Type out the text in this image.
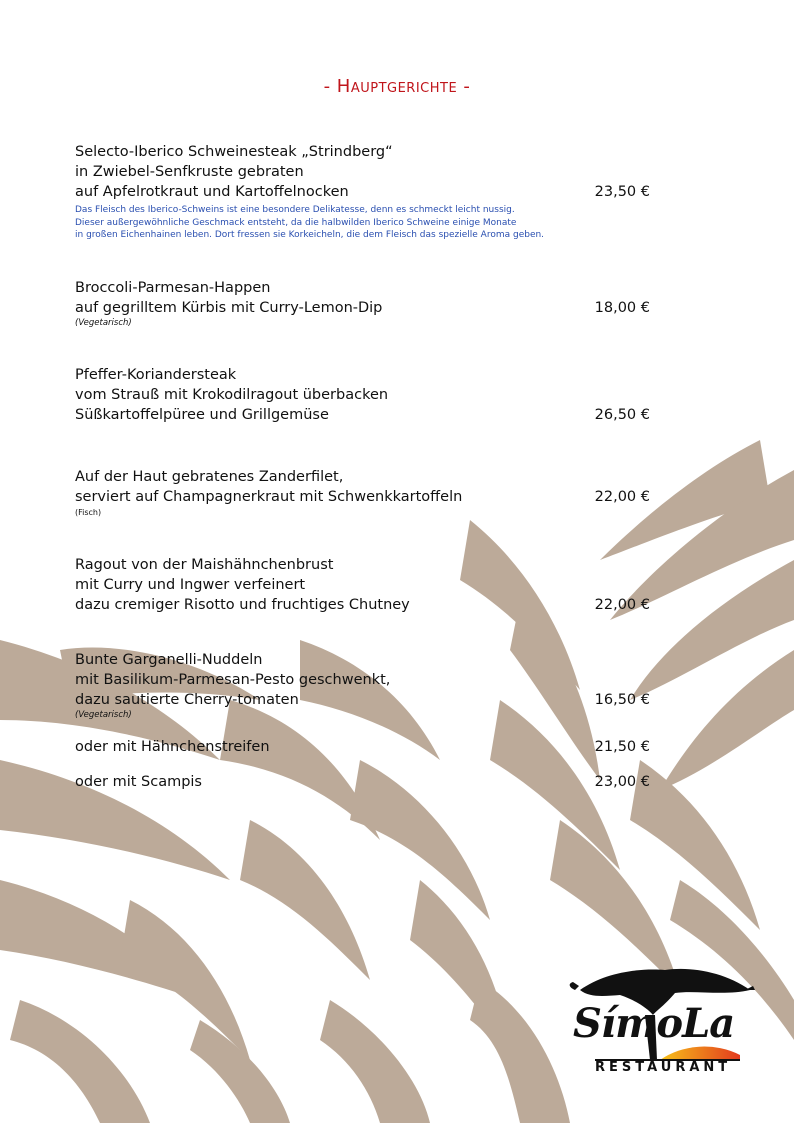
- Hauptgerichte -
Selecto-Iberico Schweinesteak „Strindberg“
in Zwiebel-Senfkruste gebraten
auf Apfelrotkraut und Kartoffelnocken	23,50 €
Das Fleisch des Iberico-Schweins ist eine besondere Delikatesse, denn es schmeckt leicht nussig.
Dieser außergewöhnliche Geschmack entsteht, da die halbwilden Iberico Schweine einige Monate
in großen Eichenhainen leben. Dort fressen sie Korkeicheln, die dem Fleisch das spezielle Aroma geben.
Broccoli-Parmesan-Happen
auf gegrilltem Kürbis mit Curry-Lemon-Dip	18,00 €
(Vegetarisch)
Pfeffer-Koriandersteak
vom Strauß mit Krokodilragout überbacken
Süßkartoffelpüree und Grillgemüse	26,50 €
Auf der Haut gebratenes Zanderfilet,
serviert auf Champagnerkraut mit Schwenkkartoffeln	22,00 €
(Fisch)
Ragout von der Maishähnchenbrust
mit Curry und Ingwer verfeinert
dazu cremiger Risotto und fruchtiges Chutney	22,00 €
Bunte Garganelli-Nuddeln
mit Basilikum-Parmesan-Pesto geschwenkt,
dazu sautierte Cherry-tomaten	16,50 €
(Vegetarisch)
oder mit Hähnchenstreifen	21,50 €
oder mit Scampis	23,00 €
SímoLa
RESTAURANT
